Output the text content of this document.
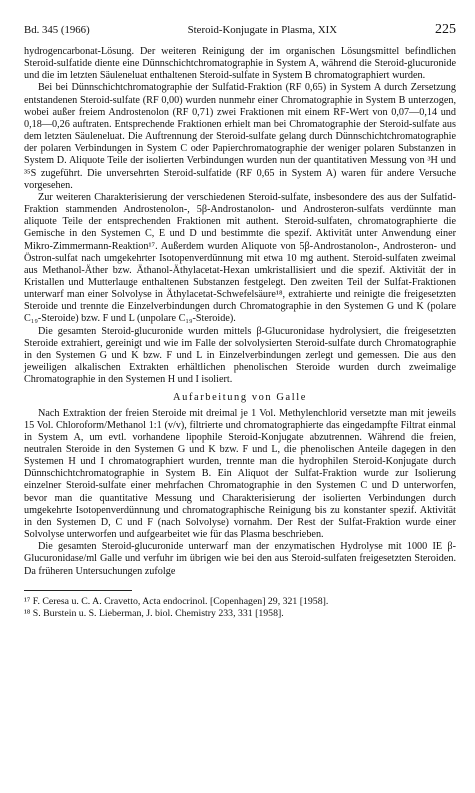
Bd. 345 (1966)	Steroid-Konjugate in Plasma, XIX	225

hydrogencarbonat-Lösung. Der weiteren Reinigung der im organischen Lösungsmittel befindlichen Steroid-sulfatide diente eine Dünnschichtchromatographie in System A, während die Steroid-glucuronide und die im letzten Säuleneluat enthaltenen Steroid-sulfate in System B chromatographiert wurden.

Bei bei Dünnschichtchromatographie der Sulfatid-Fraktion (RF 0,65) in System A durch Zersetzung entstandenen Steroid-sulfate (RF 0,00) wurden nunmehr einer Chromatographie in System B unterzogen, wobei außer freiem Androstenolon (RF 0,71) zwei Fraktionen mit einem RF-Wert von 0,07—0,14 und 0,18—0,26 auftraten. Entsprechende Fraktionen erhielt man bei Chromatographie der Steroid-sulfate aus dem letzten Säuleneluat. Die Auftrennung der Steroid-sulfate gelang durch Dünnschichtchromatographie der polaren Verbindungen in System C oder Papierchromatographie der weniger polaren Substanzen in System D. Aliquote Teile der isolierten Verbindungen wurden nun der quantitativen Messung von ³H und ³⁵S zugeführt. Die unversehrten Steroid-sulfatide (RF 0,65 in System A) waren für andere Versuche vorgesehen.

Zur weiteren Charakterisierung der verschiedenen Steroid-sulfate, insbesondere des aus der Sulfatid-Fraktion stammenden Androstenolon-, 5β-Androstanolon- und Androsteron-sulfats verdünnte man aliquote Teile der entsprechenden Fraktionen mit authent. Steroid-sulfaten, chromatographierte die Gemische in den Systemen C, E und D und bestimmte die spezif. Aktivität unter Anwendung einer Mikro-Zimmermann-Reaktion¹⁷. Außerdem wurden Aliquote von 5β-Androstanolon-, Androsteron- und Östron-sulfat nach umgekehrter Isotopenverdünnung mit etwa 10 mg authent. Steroid-sulfaten zweimal aus Methanol-Äther bzw. Äthanol-Äthylacetat-Hexan umkristallisiert und die spezif. Aktivität der in Kristallen und Mutterlauge enthaltenen Substanzen festgelegt. Den zweiten Teil der Sulfat-Fraktionen unterwarf man einer Solvolyse in Äthylacetat-Schwefelsäure¹⁸, extrahierte und reinigte die freigesetzten Steroide und trennte die Einzelverbindungen durch Chromatographie in den Systemen G und K (polare C₁₉-Steroide) bzw. F und L (unpolare C₁₉-Steroide).

Die gesamten Steroid-glucuronide wurden mittels β-Glucuronidase hydrolysiert, die freigesetzten Steroide extrahiert, gereinigt und wie im Falle der solvolysierten Steroid-sulfate durch Chromatographie in den Systemen G und K bzw. F und L in Einzelverbindungen zerlegt und gemessen. Die aus den jeweiligen alkalischen Extrakten erhältlichen phenolischen Steroide wurden durch zweimalige Chromatographie in den Systemen H und I isoliert.

Aufarbeitung von Galle

Nach Extraktion der freien Steroide mit dreimal je 1 Vol. Methylenchlorid versetzte man mit jeweils 15 Vol. Chloroform/Methanol 1:1 (v/v), filtrierte und chromatographierte das eingedampfte Filtrat einmal in System A, um evtl. vorhandene lipophile Steroid-Konjugate abzutrennen. Während die freien, neutralen Steroide in den Systemen G und K bzw. F und L, die phenolischen Anteile dagegen in den Systemen H und I chromatographiert wurden, trennte man die hydrophilen Steroid-Konjugate durch Dünnschichtchromatographie in System B. Ein Aliquot der Sulfat-Fraktion wurde zur Isolierung einzelner Steroid-sulfate einer mehrfachen Chromatographie in den Systemen C und D unterworfen, bevor man die quantitative Messung und Charakterisierung der isolierten Verbindungen durch umgekehrte Isotopenverdünnung und chromatographische Reinigung bis zu konstanter spezif. Aktivität in den Systemen D, C und F (nach Solvolyse) vornahm. Der Rest der Sulfat-Fraktion wurde einer Solvolyse unterworfen und aufgearbeitet wie für das Plasma beschrieben.

Die gesamten Steroid-glucuronide unterwarf man der enzymatischen Hydrolyse mit 1000 IE β-Glucuronidase/ml Galle und verfuhr im übrigen wie bei den aus Steroid-sulfaten freigesetzten Steroiden. Da früheren Untersuchungen zufolge

¹⁷ F. Ceresa u. C. A. Cravetto, Acta endocrinol. [Copenhagen] 29, 321 [1958].

¹⁸ S. Burstein u. S. Lieberman, J. biol. Chemistry 233, 331 [1958].
